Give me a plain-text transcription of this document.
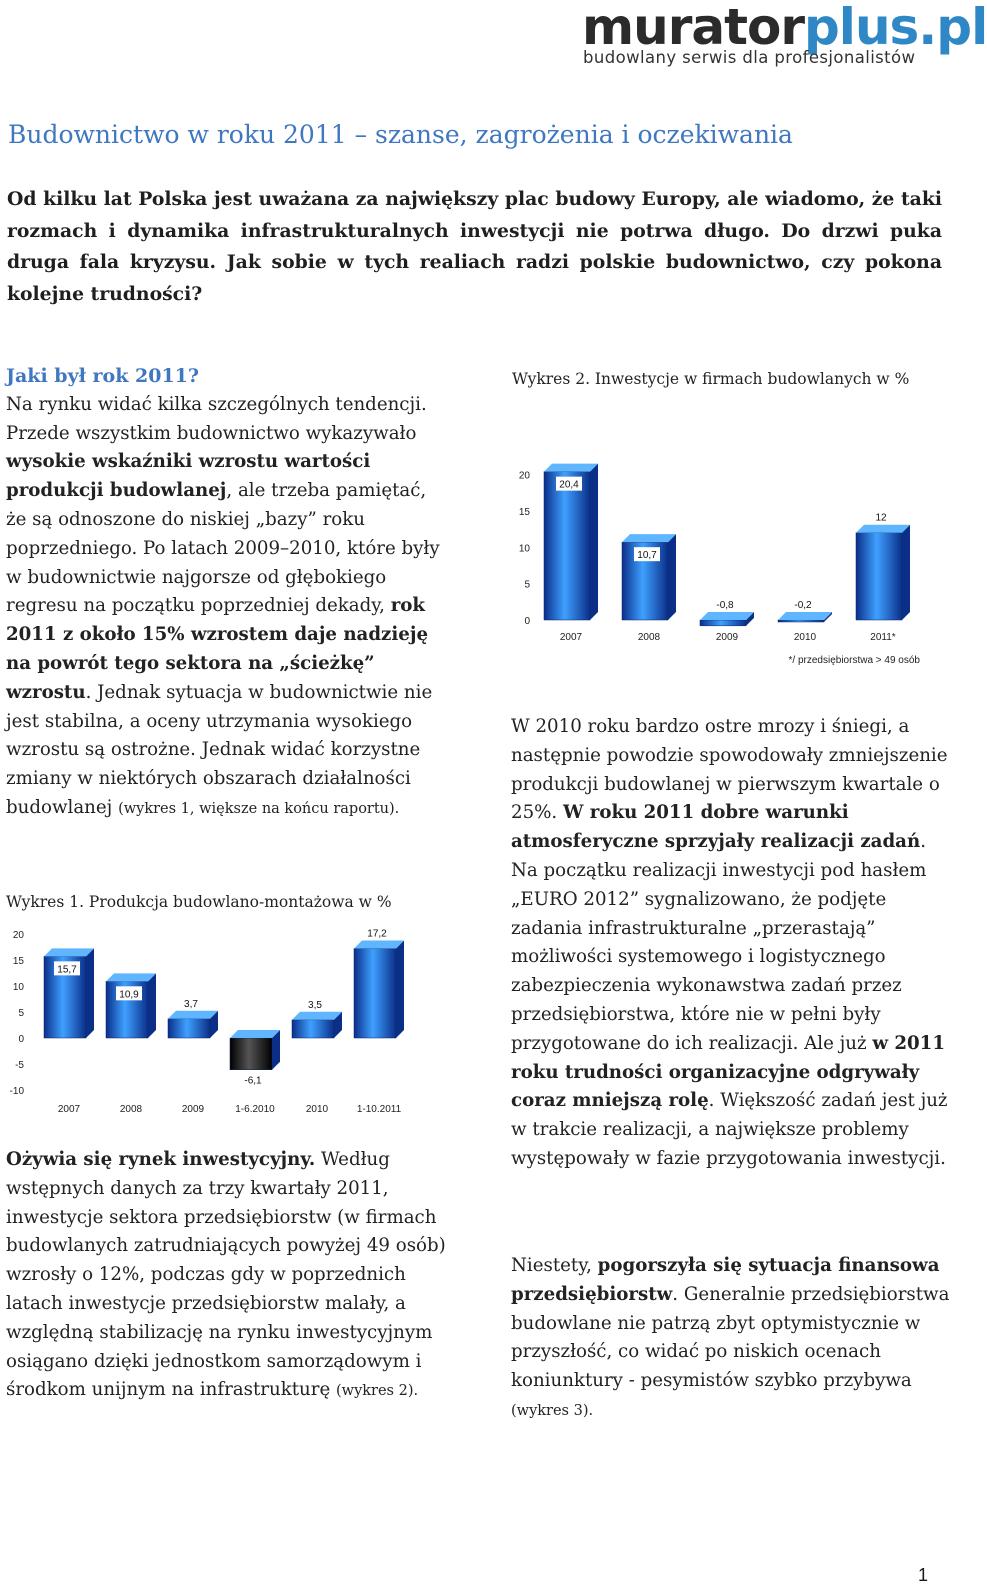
muratorplus.pl
budowlany serwis dla profesjonalistów
Budownictwo w roku 2011 – szanse, zagrożenia i oczekiwania
Od kilku lat Polska jest uważana za największy plac budowy Europy, ale wiadomo, że taki rozmach i dynamika infrastrukturalnych inwestycji nie potrwa długo. Do drzwi puka druga fala kryzysu. Jak sobie w tych realiach radzi polskie budownictwo, czy pokona kolejne trudności?
Jaki był rok 2011?
Na rynku widać kilka szczególnych tendencji. Przede wszystkim budownictwo wykazywało wysokie wskaźniki wzrostu wartości produkcji budowlanej, ale trzeba pamiętać, że są odnoszone do niskiej „bazy” roku poprzedniego. Po latach 2009–2010, które były w budownictwie najgorsze od głębokiego regresu na początku poprzedniej dekady, rok 2011 z około 15% wzrostem daje nadzieję na powrót tego sektora na „ścieżkę” wzrostu. Jednak sytuacja w budownictwie nie jest stabilna, a oceny utrzymania wysokiego wzrostu są ostrożne. Jednak widać korzystne zmiany w niektórych obszarach działalności budowlanej (wykres 1, większe na końcu raportu).
Wykres 1. Produkcja budowlano-montażowa w %
20
15
10
5
0
-5
-10
15,7
2007
10,9
2008
3,7
2009
-6,1
1-6.2010
3,5
2010
17,2
1-10.2011
Wykres 2. Inwestycje w firmach budowlanych w %
20
15
10
5
0
20,4
2007
10,7
2008
-0,8
2009
-0,2
2010
12
2011*
*/ przedsiębiorstwa > 49 osób
Ożywia się rynek inwestycyjny. Według wstępnych danych za trzy kwartały 2011, inwestycje sektora przedsiębiorstw (w firmach budowlanych zatrudniających powyżej 49 osób) wzrosły o 12%, podczas gdy w poprzednich latach inwestycje przedsiębiorstw malały, a względną stabilizację na rynku inwestycyjnym osiągano dzięki jednostkom samorządowym i środkom unijnym na infrastrukturę (wykres 2).
W 2010 roku bardzo ostre mrozy i śniegi, a następnie powodzie spowodowały zmniejszenie produkcji budowlanej w pierwszym kwartale o 25%. W roku 2011 dobre warunki atmosferyczne sprzyjały realizacji zadań. Na początku realizacji inwestycji pod hasłem „EURO 2012” sygnalizowano, że podjęte zadania infrastrukturalne „przerastają” możliwości systemowego i logistycznego zabezpieczenia wykonawstwa zadań przez przedsiębiorstwa, które nie w pełni były przygotowane do ich realizacji. Ale już w 2011 roku trudności organizacyjne odgrywały coraz mniejszą rolę. Większość zadań jest już w trakcie realizacji, a największe problemy występowały w fazie przygotowania inwestycji.
Niestety, pogorszyła się sytuacja finansowa przedsiębiorstw. Generalnie przedsiębiorstwa budowlane nie patrzą zbyt optymistycznie w przyszłość, co widać po niskich ocenach koniunktury - pesymistów szybko przybywa (wykres 3).
1
